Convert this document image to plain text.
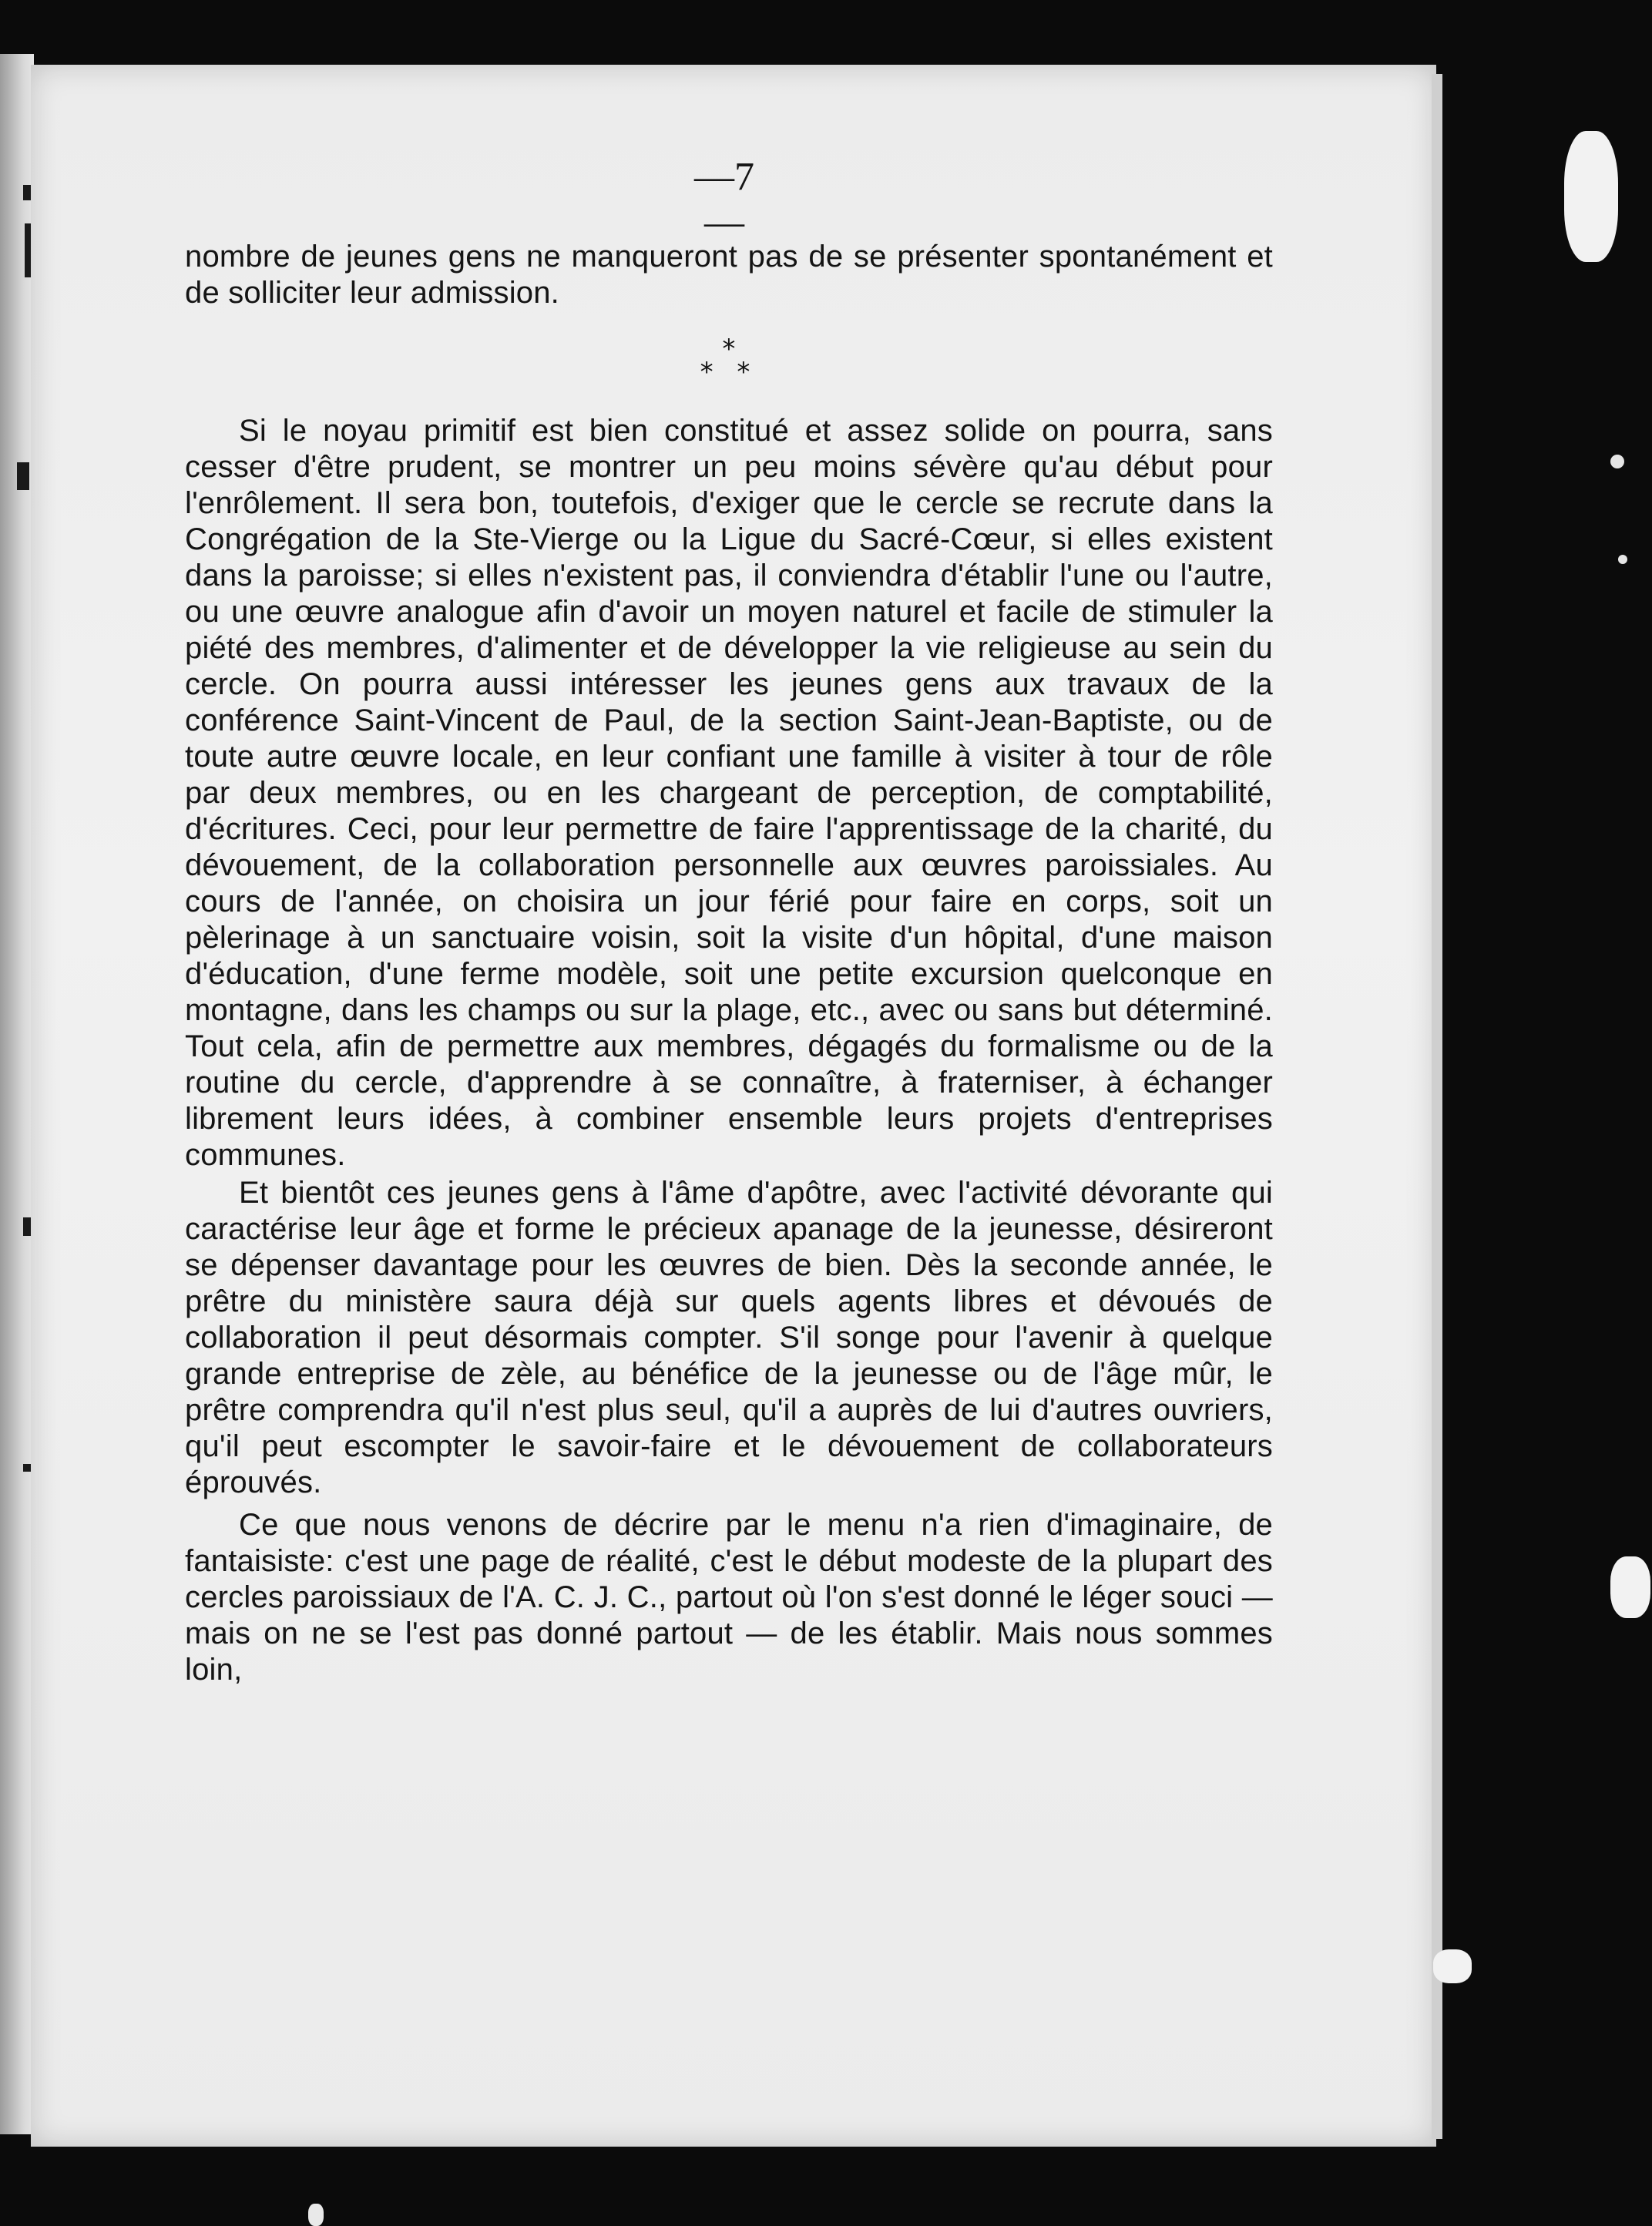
—7—

nombre de jeunes gens ne manqueront pas de se présenter spontanément et de solliciter leur admission.

*
* *

Si le noyau primitif est bien constitué et assez solide on pourra, sans cesser d'être prudent, se montrer un peu moins sévère qu'au début pour l'enrôlement. Il sera bon, toutefois, d'exiger que le cercle se recrute dans la Congrégation de la Ste-Vierge ou la Ligue du Sacré-Cœur, si elles existent dans la paroisse; si elles n'existent pas, il conviendra d'établir l'une ou l'autre, ou une œuvre analogue afin d'avoir un moyen naturel et facile de stimuler la piété des membres, d'alimenter et de développer la vie religieuse au sein du cercle. On pourra aussi intéresser les jeunes gens aux travaux de la conférence Saint-Vincent de Paul, de la section Saint-Jean-Baptiste, ou de toute autre œuvre locale, en leur confiant une famille à visiter à tour de rôle par deux membres, ou en les chargeant de perception, de comptabilité, d'écritures. Ceci, pour leur permettre de faire l'apprentissage de la charité, du dévouement, de la collaboration personnelle aux œuvres paroissiales. Au cours de l'année, on choisira un jour férié pour faire en corps, soit un pèlerinage à un sanctuaire voisin, soit la visite d'un hôpital, d'une maison d'éducation, d'une ferme modèle, soit une petite excursion quelconque en montagne, dans les champs ou sur la plage, etc., avec ou sans but déterminé. Tout cela, afin de permettre aux membres, dégagés du formalisme ou de la routine du cercle, d'apprendre à se connaître, à fraterniser, à échanger librement leurs idées, à combiner ensemble leurs projets d'entreprises communes.

Et bientôt ces jeunes gens à l'âme d'apôtre, avec l'activité dévorante qui caractérise leur âge et forme le précieux apanage de la jeunesse, désireront se dépenser davantage pour les œuvres de bien. Dès la seconde année, le prêtre du ministère saura déjà sur quels agents libres et dévoués de collaboration il peut désormais compter. S'il songe pour l'avenir à quelque grande entreprise de zèle, au bénéfice de la jeunesse ou de l'âge mûr, le prêtre comprendra qu'il n'est plus seul, qu'il a auprès de lui d'autres ouvriers, qu'il peut escompter le savoir-faire et le dévouement de collaborateurs éprouvés.

Ce que nous venons de décrire par le menu n'a rien d'imaginaire, de fantaisiste: c'est une page de réalité, c'est le début modeste de la plupart des cercles paroissiaux de l'A. C. J. C., partout où l'on s'est donné le léger souci — mais on ne se l'est pas donné partout — de les établir. Mais nous sommes loin,
